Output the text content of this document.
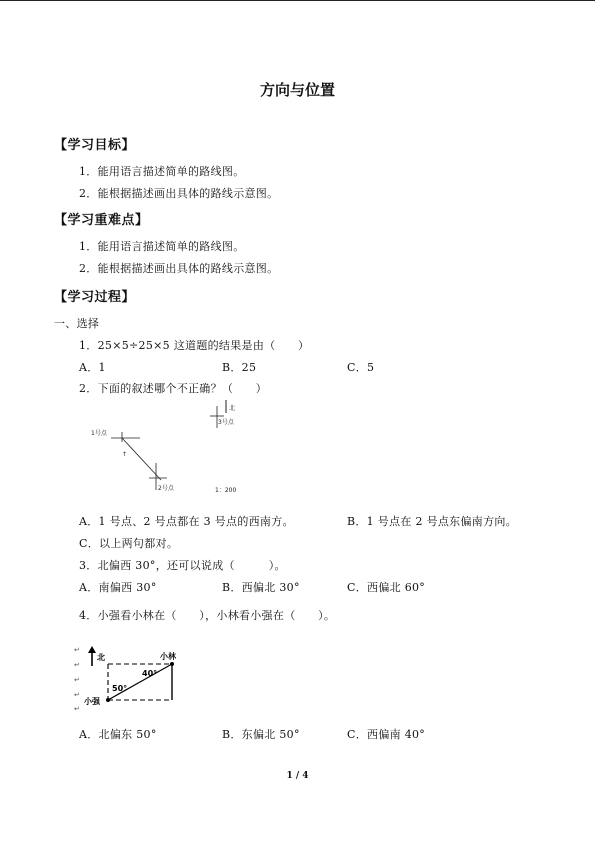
方向与位置
【学习目标】
1．能用语言描述简单的路线图。
2．能根据描述画出具体的路线示意图。
【学习重难点】
1．能用语言描述简单的路线图。
2．能根据描述画出具体的路线示意图。
【学习过程】
一、选择
1．25×5÷25×5 这道题的结果是由（　　）
A．1	B．25	C．5
2．下面的叙述哪个不正确？（　　）
北
3号点
1号点
↑
2号点	1：200
A．1 号点、2 号点都在 3 号点的西南方。	B．1 号点在 2 号点东偏南方向。
C．以上两句都对。
3．北偏西 30°，还可以说成（　　　）。
A．南偏西 30°	B．西偏北 30°	C．西偏北 60°
4．小强看小林在（　　），小林看小强在（　　）。
↵
↵
↵
↵
↵
北	小林
小强
50°
40°
A．北偏东 50°	B．东偏北 50°	C．西偏南 40°
1 / 4
